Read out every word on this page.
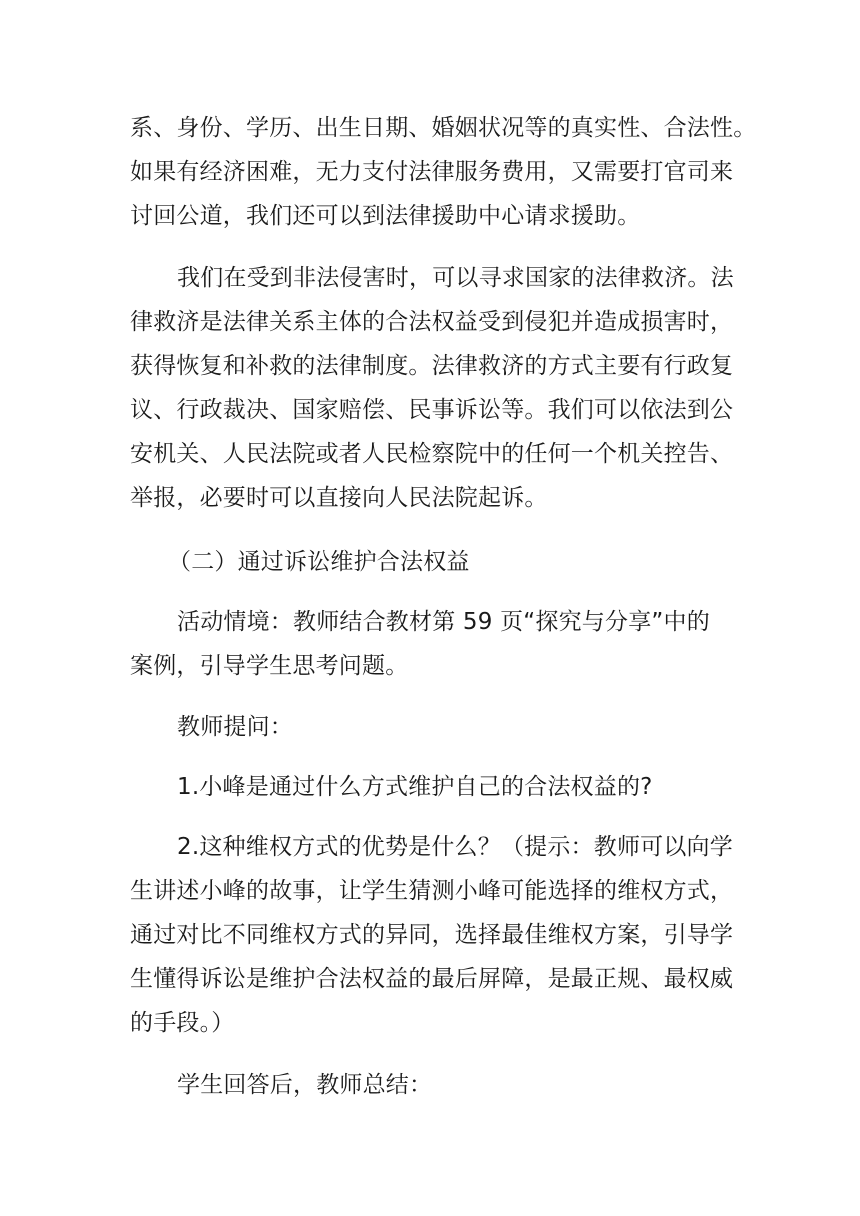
系、身份、学历、出生日期、婚姻状况等的真实性、合法性。
如果有经济困难，无力支付法律服务费用，又需要打官司来
讨回公道，我们还可以到法律援助中心请求援助。
我们在受到非法侵害时，可以寻求国家的法律救济。法
律救济是法律关系主体的合法权益受到侵犯并造成损害时，
获得恢复和补救的法律制度。法律救济的方式主要有行政复
议、行政裁决、国家赔偿、民事诉讼等。我们可以依法到公
安机关、人民法院或者人民检察院中的任何一个机关控告、
举报，必要时可以直接向人民法院起诉。
（二）通过诉讼维护合法权益
活动情境：教师结合教材第 59 页“探究与分享”中的
案例，引导学生思考问题。
教师提问：
1.小峰是通过什么方式维护自己的合法权益的?
2.这种维权方式的优势是什么？（提示：教师可以向学
生讲述小峰的故事，让学生猜测小峰可能选择的维权方式，
通过对比不同维权方式的异同，选择最佳维权方案，引导学
生懂得诉讼是维护合法权益的最后屏障，是最正规、最权威
的手段。）
学生回答后，教师总结：
